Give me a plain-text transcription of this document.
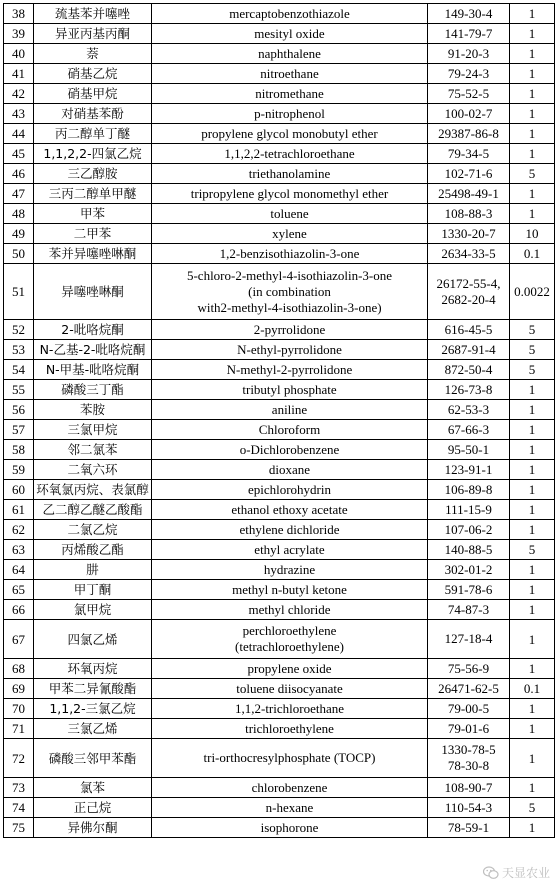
38	巯基苯并噻唑	mercaptobenzothiazole	149-30-4	1
39	异亚丙基丙酮	mesityl oxide	141-79-7	1
40	萘	naphthalene	91-20-3	1
41	硝基乙烷	nitroethane	79-24-3	1
42	硝基甲烷	nitromethane	75-52-5	1
43	对硝基苯酚	p-nitrophenol	100-02-7	1
44	丙二醇单丁醚	propylene glycol monobutyl ether	29387-86-8	1
45	1,1,2,2-四氯乙烷	1,1,2,2-tetrachloroethane	79-34-5	1
46	三乙醇胺	triethanolamine	102-71-6	5
47	三丙二醇单甲醚	tripropylene glycol monomethyl ether	25498-49-1	1
48	甲苯	toluene	108-88-3	1
49	二甲苯	xylene	1330-20-7	10
50	苯并异噻唑啉酮	1,2-benzisothiazolin-3-one	2634-33-5	0.1
51	异噻唑啉酮	5-chloro-2-methyl-4-isothiazolin-3-one
(in combination
with2-methyl-4-isothiazolin-3-one)	26172-55-4,
2682-20-4	0.0022
52	2-吡咯烷酮	2-pyrrolidone	616-45-5	5
53	N-乙基-2-吡咯烷酮	N-ethyl-pyrrolidone	2687-91-4	5
54	N-甲基-吡咯烷酮	N-methyl-2-pyrrolidone	872-50-4	5
55	磷酸三丁酯	tributyl phosphate	126-73-8	1
56	苯胺	aniline	62-53-3	1
57	三氯甲烷	Chloroform	67-66-3	1
58	邻二氯苯	o-Dichlorobenzene	95-50-1	1
59	二氧六环	dioxane	123-91-1	1
60	环氧氯丙烷、表氯醇	epichlorohydrin	106-89-8	1
61	乙二醇乙醚乙酸酯	ethanol ethoxy acetate	111-15-9	1
62	二氯乙烷	ethylene dichloride	107-06-2	1
63	丙烯酸乙酯	ethyl acrylate	140-88-5	5
64	肼	hydrazine	302-01-2	1
65	甲丁酮	methyl n-butyl ketone	591-78-6	1
66	氯甲烷	methyl chloride	74-87-3	1
67	四氯乙烯	perchloroethylene
(tetrachloroethylene)	127-18-4	1
68	环氧丙烷	propylene oxide	75-56-9	1
69	甲苯二异氰酸酯	toluene diisocyanate	26471-62-5	0.1
70	1,1,2-三氯乙烷	1,1,2-trichloroethane	79-00-5	1
71	三氯乙烯	trichloroethylene	79-01-6	1
72	磷酸三邻甲苯酯	tri-orthocresylphosphate (TOCP)	1330-78-5
78-30-8	1
73	氯苯	chlorobenzene	108-90-7	1
74	正己烷	n-hexane	110-54-3	5
75	异佛尔酮	isophorone	78-59-1	1
天显农业
